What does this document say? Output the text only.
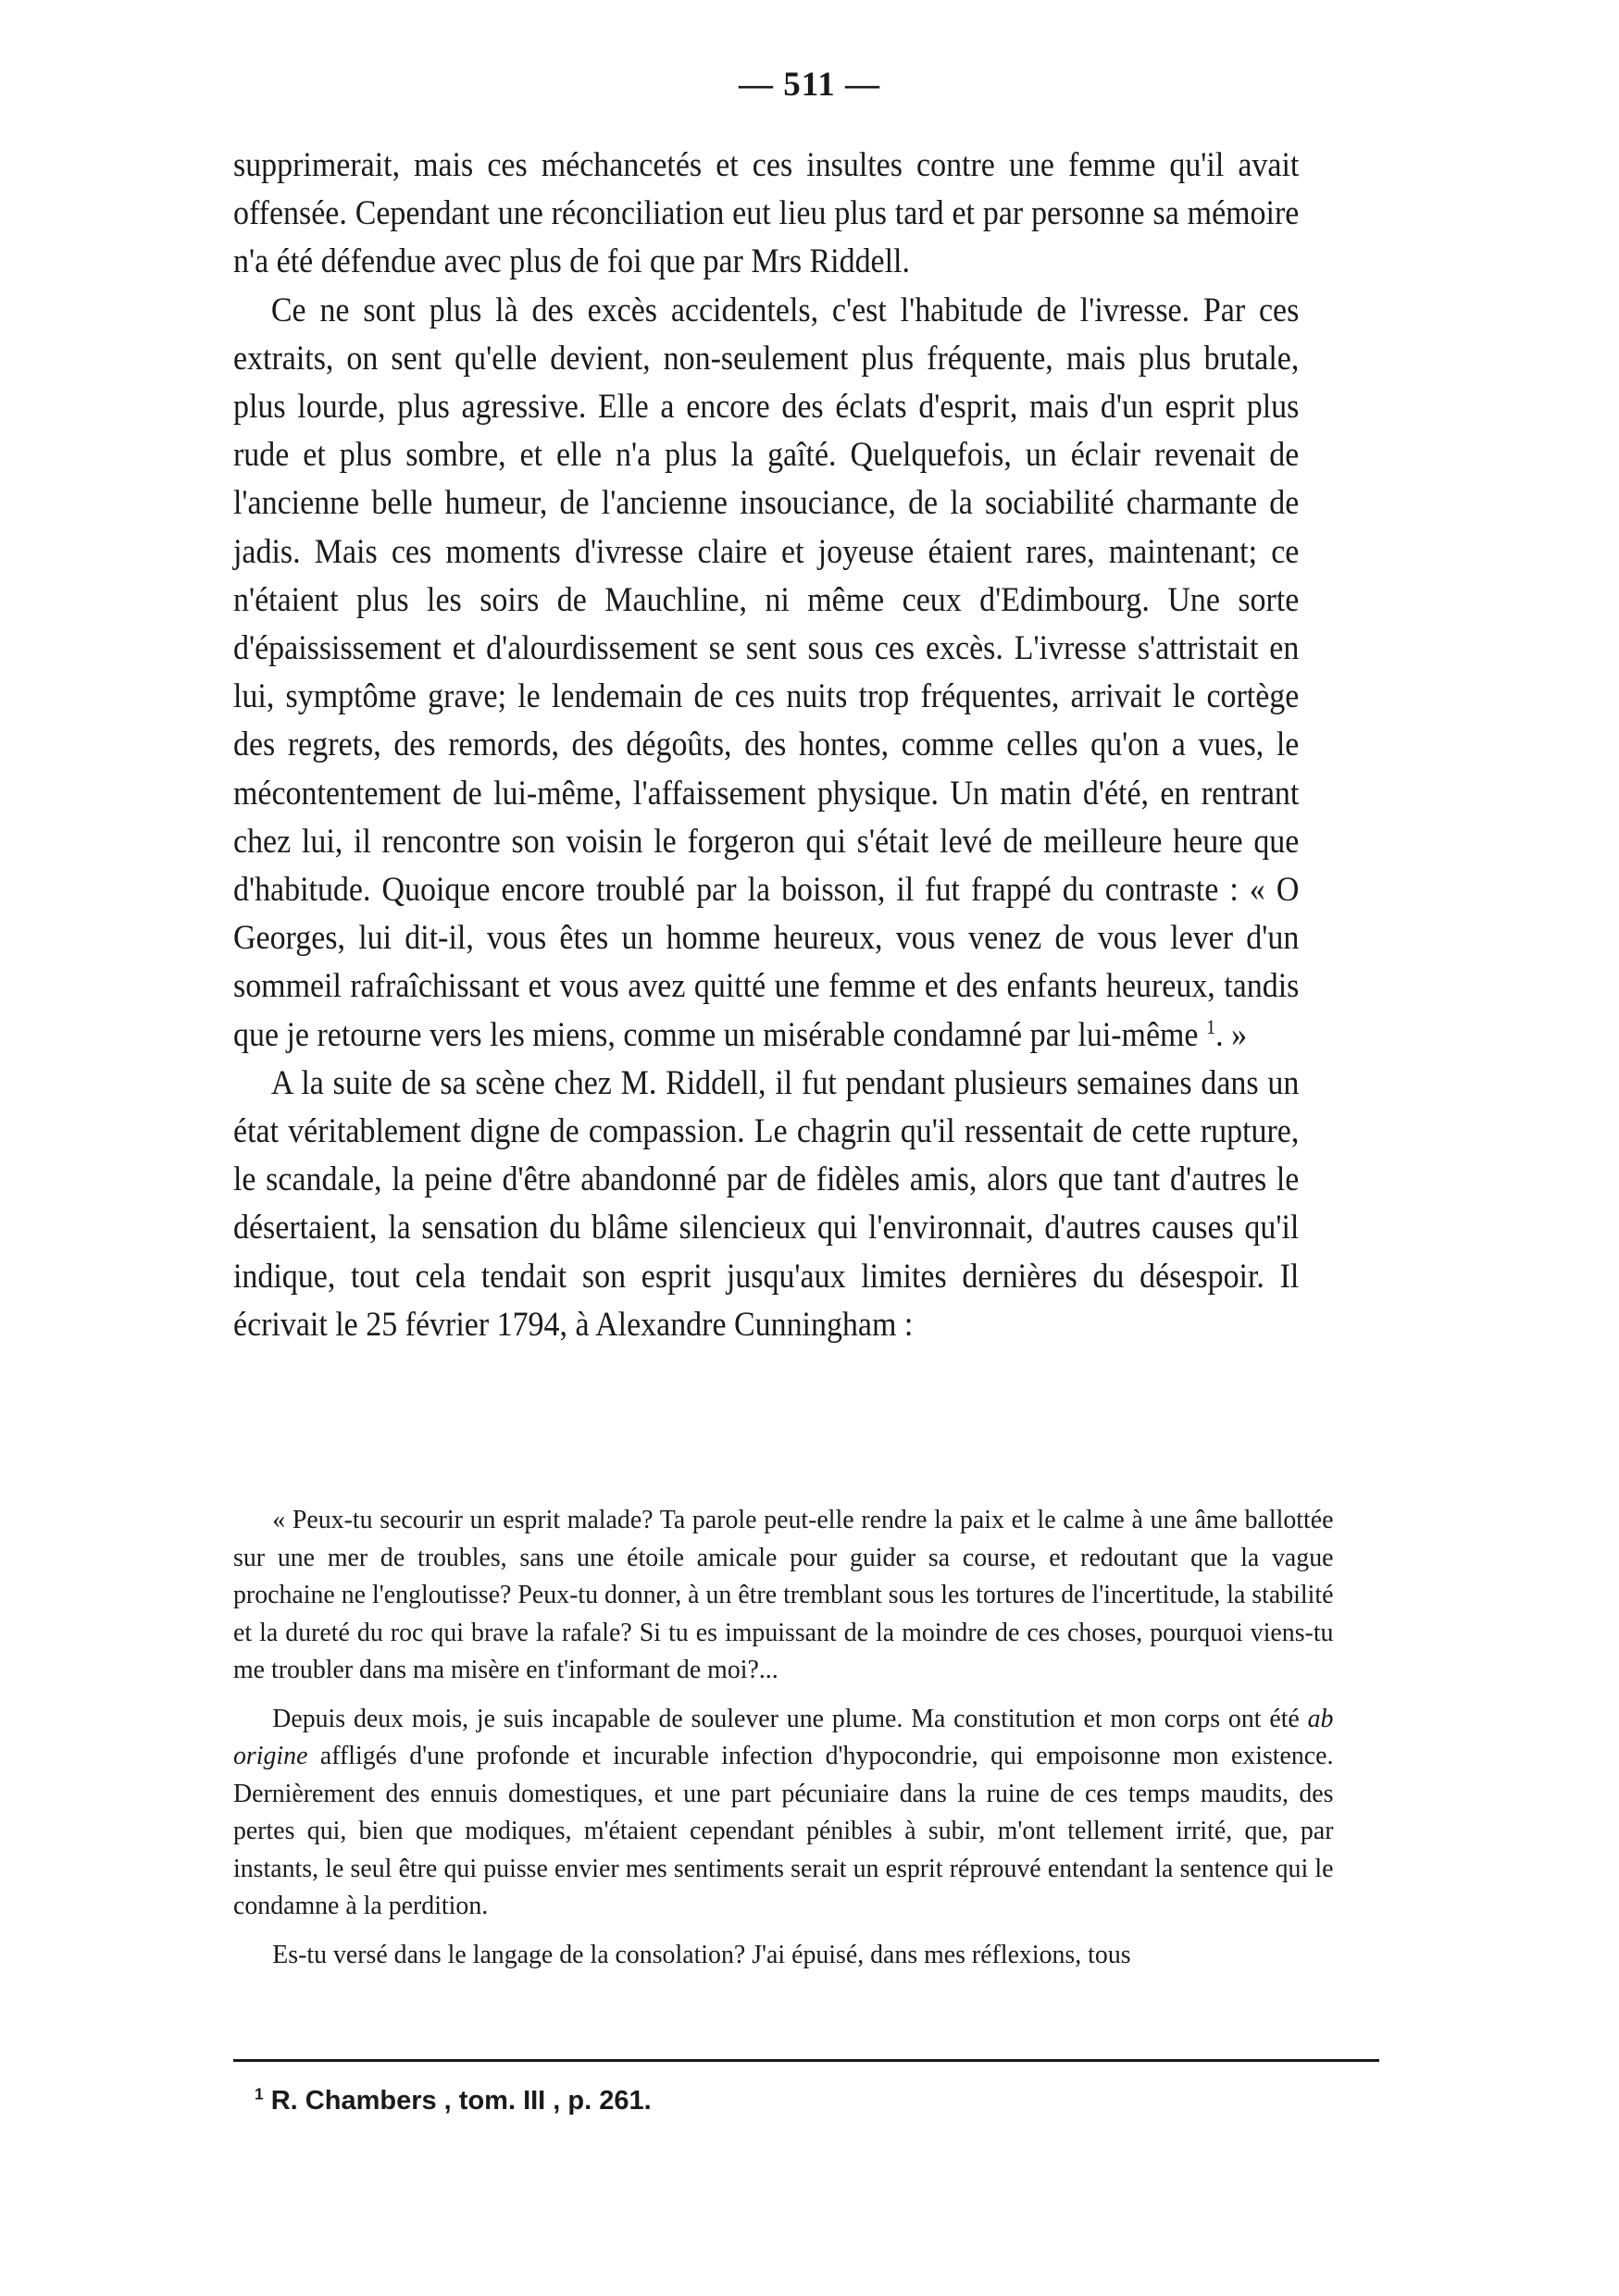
— 511 —

supprimerait, mais ces méchancetés et ces insultes contre une femme qu'il avait offensée. Cependant une réconciliation eut lieu plus tard et par personne sa mémoire n'a été défendue avec plus de foi que par Mrs Riddell.

Ce ne sont plus là des excès accidentels, c'est l'habitude de l'ivresse. Par ces extraits, on sent qu'elle devient, non-seulement plus fréquente, mais plus brutale, plus lourde, plus agressive. Elle a encore des éclats d'esprit, mais d'un esprit plus rude et plus sombre, et elle n'a plus la gaîté. Quelquefois, un éclair revenait de l'ancienne belle humeur, de l'ancienne insouciance, de la sociabilité charmante de jadis. Mais ces moments d'ivresse claire et joyeuse étaient rares, maintenant; ce n'étaient plus les soirs de Mauchline, ni même ceux d'Edimbourg. Une sorte d'épaississement et d'alourdissement se sent sous ces excès. L'ivresse s'attristait en lui, symptôme grave; le lendemain de ces nuits trop fréquentes, arrivait le cortège des regrets, des remords, des dégoûts, des hontes, comme celles qu'on a vues, le mécontentement de lui-même, l'affaissement physique. Un matin d'été, en rentrant chez lui, il rencontre son voisin le forgeron qui s'était levé de meilleure heure que d'habitude. Quoique encore troublé par la boisson, il fut frappé du contraste : « O Georges, lui dit-il, vous êtes un homme heureux, vous venez de vous lever d'un sommeil rafraîchissant et vous avez quitté une femme et des enfants heureux, tandis que je retourne vers les miens, comme un misérable condamné par lui-même $^1$. »

A la suite de sa scène chez M. Riddell, il fut pendant plusieurs semaines dans un état véritablement digne de compassion. Le chagrin qu'il ressentait de cette rupture, le scandale, la peine d'être abandonné par de fidèles amis, alors que tant d'autres le désertaient, la sensation du blâme silencieux qui l'environnait, d'autres causes qu'il indique, tout cela tendait son esprit jusqu'aux limites dernières du désespoir. Il écrivait le 25 février 1794, à Alexandre Cunningham :

« Peux-tu secourir un esprit malade? Ta parole peut-elle rendre la paix et le calme à une âme ballottée sur une mer de troubles, sans une étoile amicale pour guider sa course, et redoutant que la vague prochaine ne l'engloutisse? Peux-tu donner, à un être tremblant sous les tortures de l'incertitude, la stabilité et la dureté du roc qui brave la rafale? Si tu es impuissant de la moindre de ces choses, pourquoi viens-tu me troubler dans ma misère en t'informant de moi?...

Depuis deux mois, je suis incapable de soulever une plume. Ma constitution et mon corps ont été ab origine affligés d'une profonde et incurable infection d'hypocondrie, qui empoisonne mon existence. Dernièrement des ennuis domestiques, et une part pécuniaire dans la ruine de ces temps maudits, des pertes qui, bien que modiques, m'étaient cependant pénibles à subir, m'ont tellement irrité, que, par instants, le seul être qui puisse envier mes sentiments serait un esprit réprouvé entendant la sentence qui le condamne à la perdition.

Es-tu versé dans le langage de la consolation? J'ai épuisé, dans mes réflexions, tous

$^1$ R. Chambers , tom. III , p. 261.
